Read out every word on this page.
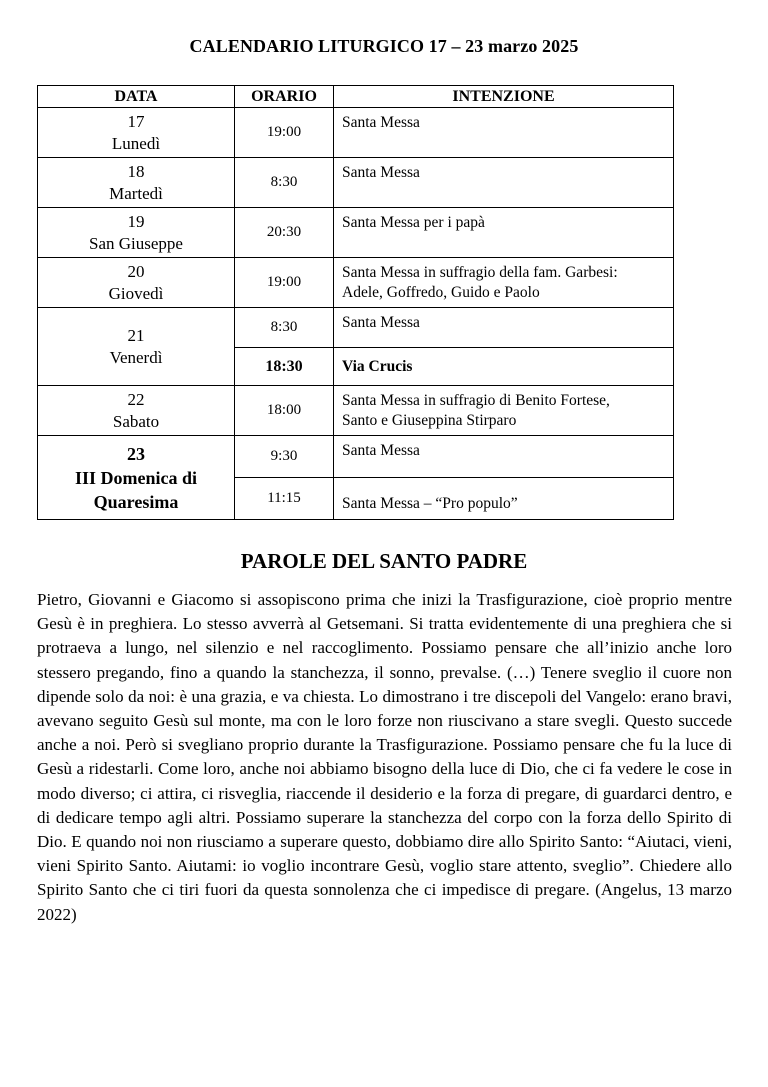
CALENDARIO LITURGICO 17 – 23 marzo 2025
DATA	ORARIO	INTENZIONE

17
Lunedì	19:00	Santa Messa

18
Martedì	8:30	Santa Messa

19
San Giuseppe	20:30	Santa Messa per i papà

20
Giovedì	19:00	Santa Messa in suffragio della fam. Garbesi:
Adele, Goffredo, Guido e Paolo

21
Venerdì	8:30	Santa Messa

	18:30	Via Crucis

22
Sabato	18:00	Santa Messa in suffragio di Benito Fortese,
Santo e Giuseppina Stirparo

23
III Domenica di
Quaresima	9:30	Santa Messa

	11:15	Santa Messa – “Pro populo”
PAROLE DEL SANTO PADRE
Pietro, Giovanni e Giacomo si assopiscono prima che inizi la Trasfigurazione, cioè proprio mentre Gesù è in preghiera. Lo stesso avverrà al Getsemani. Si tratta evidentemente di una preghiera che si protraeva a lungo, nel silenzio e nel raccoglimento. Possiamo pensare che all’inizio anche loro stessero pregando, fino a quando la stanchezza, il sonno, prevalse. (…) Tenere sveglio il cuore non dipende solo da noi: è una grazia, e va chiesta. Lo dimostrano i tre discepoli del Vangelo: erano bravi, avevano seguito Gesù sul monte, ma con le loro forze non riuscivano a stare svegli. Questo succede anche a noi. Però si svegliano proprio durante la Trasfigurazione. Possiamo pensare che fu la luce di Gesù a ridestarli. Come loro, anche noi abbiamo bisogno della luce di Dio, che ci fa vedere le cose in modo diverso; ci attira, ci risveglia, riaccende il desiderio e la forza di pregare, di guardarci dentro, e di dedicare tempo agli altri. Possiamo superare la stanchezza del corpo con la forza dello Spirito di Dio. E quando noi non riusciamo a superare questo, dobbiamo dire allo Spirito Santo: “Aiutaci, vieni, vieni Spirito Santo. Aiutami: io voglio incontrare Gesù, voglio stare attento, sveglio”. Chiedere allo Spirito Santo che ci tiri fuori da questa sonnolenza che ci impedisce di pregare. (Angelus, 13 marzo 2022)
